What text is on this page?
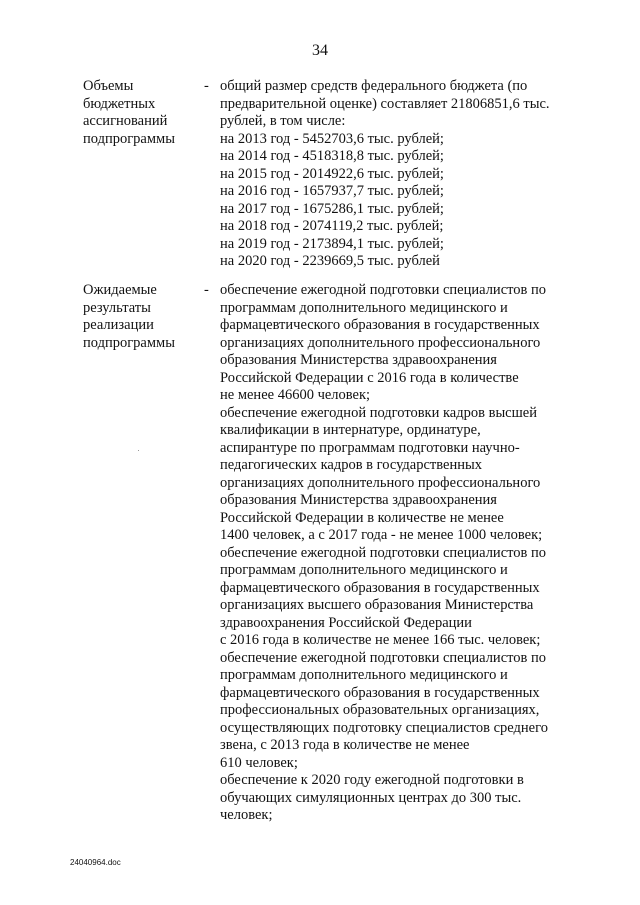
34
Объемы
бюджетных
ассигнований
подпрограммы
- общий размер средств федерального бюджета (по
предварительной оценке) составляет 21806851,6 тыс.
рублей, в том числе:
на 2013 год - 5452703,6 тыс. рублей;
на 2014 год - 4518318,8 тыс. рублей;
на 2015 год - 2014922,6 тыс. рублей;
на 2016 год - 1657937,7 тыс. рублей;
на 2017 год - 1675286,1 тыс. рублей;
на 2018 год - 2074119,2 тыс. рублей;
на 2019 год - 2173894,1 тыс. рублей;
на 2020 год - 2239669,5 тыс. рублей
Ожидаемые
результаты
реализации
подпрограммы
- обеспечение ежегодной подготовки специалистов по
программам дополнительного медицинского и
фармацевтического образования в государственных
организациях дополнительного профессионального
образования Министерства здравоохранения
Российской Федерации с 2016 года в количестве
не менее 46600 человек;
обеспечение ежегодной подготовки кадров высшей
квалификации в интернатуре, ординатуре,
аспирантуре по программам подготовки научно-
педагогических кадров в государственных
организациях дополнительного профессионального
образования Министерства здравоохранения
Российской Федерации в количестве не менее
1400 человек, а с 2017 года - не менее 1000 человек;
обеспечение ежегодной подготовки специалистов по
программам дополнительного медицинского и
фармацевтического образования в государственных
организациях высшего образования Министерства
здравоохранения Российской Федерации
с 2016 года в количестве не менее 166 тыс. человек;
обеспечение ежегодной подготовки специалистов по
программам дополнительного медицинского и
фармацевтического образования в государственных
профессиональных образовательных организациях,
осуществляющих подготовку специалистов среднего
звена, с 2013 года в количестве не менее
610 человек;
обеспечение к 2020 году ежегодной подготовки в
обучающих симуляционных центрах до 300 тыс.
человек;
24040964.doc
